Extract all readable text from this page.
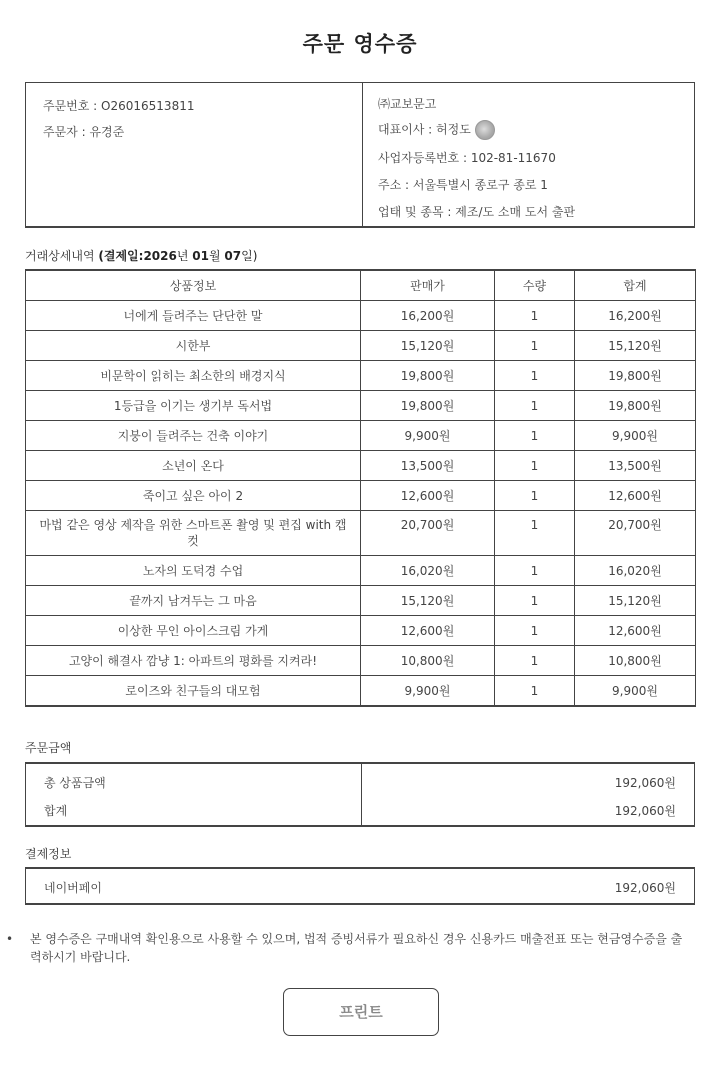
주문 영수증
주문번호 : O26016513811
주문자 : 유경준
㈜교보문고
대표이사 : 허정도
사업자등록번호 : 102-81-11670
주소 : 서울특별시 종로구 종로 1
업태 및 종목 : 제조/도 소매 도서 출판
거래상세내역 (결제일:2026년 01월 07일)
상품정보	판매가	수량	합계
너에게 들려주는 단단한 말	16,200원	1	16,200원
시한부	15,120원	1	15,120원
비문학이 읽히는 최소한의 배경지식	19,800원	1	19,800원
1등급을 이기는 생기부 독서법	19,800원	1	19,800원
지붕이 들려주는 건축 이야기	9,900원	1	9,900원
소년이 온다	13,500원	1	13,500원
죽이고 싶은 아이 2	12,600원	1	12,600원
마법 같은 영상 제작을 위한 스마트폰 촬영 및 편집 with 캡컷	20,700원	1	20,700원
노자의 도덕경 수업	16,020원	1	16,020원
끝까지 남겨두는 그 마음	15,120원	1	15,120원
이상한 무인 아이스크림 가게	12,600원	1	12,600원
고양이 해결사 깜냥 1: 아파트의 평화를 지켜라!	10,800원	1	10,800원
로이즈와 친구들의 대모험	9,900원	1	9,900원
주문금액
총 상품금액	192,060원
합계	192,060원
결제정보
네이버페이	192,060원
• 본 영수증은 구매내역 확인용으로 사용할 수 있으며, 법적 증빙서류가 필요하신 경우 신용카드 매출전표 또는 현금영수증을 출력하시기 바랍니다.
프린트
